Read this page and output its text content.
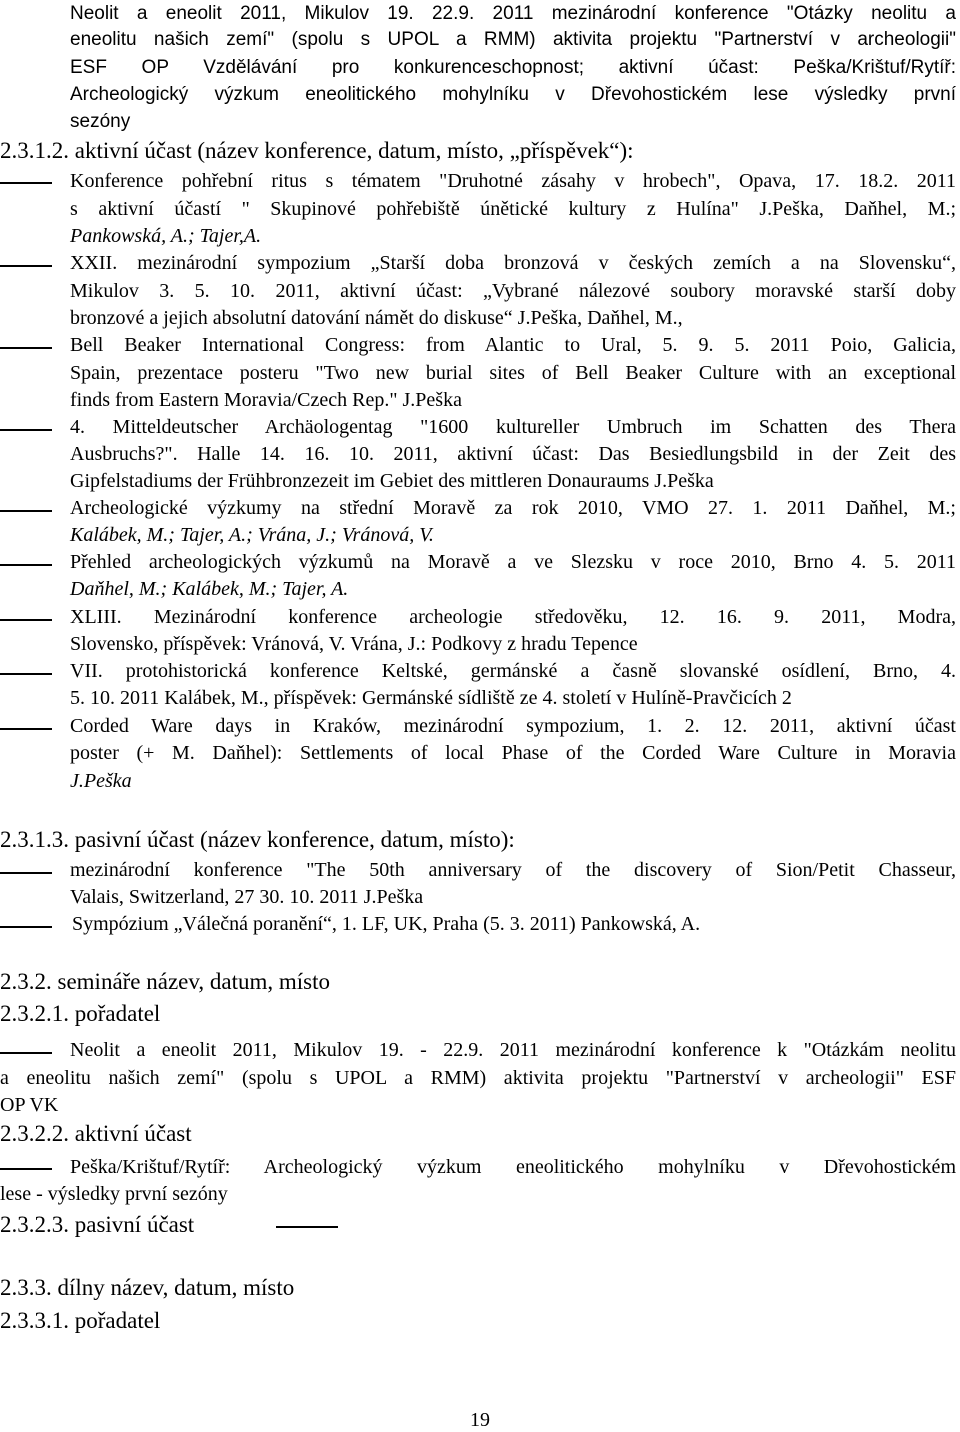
Neolit a eneolit 2011, Mikulov 19. 22.9. 2011 mezinárodní konference "Otázky neolitu a
eneolitu našich zemí" (spolu s UPOL a RMM) aktivita projektu "Partnerství v archeologii"
ESF OP Vzdělávání pro konkurenceschopnost; aktivní účast: Peška/Krištuf/Rytíř:
Archeologický výzkum eneolitického mohylníku v Dřevohostickém lese výsledky první
sezóny
2.3.1.2. aktivní účast (název konference, datum, místo, „příspěvek“):
Konference pohřební ritus s tématem "Druhotné zásahy v hrobech", Opava, 17. 18.2. 2011
s aktivní účastí " Skupinové pohřebiště únětické kultury z Hulína" J.Peška, Daňhel, M.;
Pankowská, A.; Tajer,A.
XXII. mezinárodní sympozium „Starší doba bronzová v českých zemích a na Slovensku“,
Mikulov 3. 5. 10. 2011, aktivní účast: „Vybrané nálezové soubory moravské starší doby
bronzové a jejich absolutní datování námět do diskuse“ J.Peška, Daňhel, M.,
Bell Beaker International Congress: from Alantic to Ural, 5. 9. 5. 2011 Poio, Galicia,
Spain, prezentace posteru "Two new burial sites of Bell Beaker Culture with an exceptional
finds from Eastern Moravia/Czech Rep." J.Peška
4. Mitteldeutscher Archäologentag "1600 kultureller Umbruch im Schatten des Thera
Ausbruchs?". Halle 14. 16. 10. 2011, aktivní účast: Das Besiedlungsbild in der Zeit des
Gipfelstadiums der Frühbronzezeit im Gebiet des mittleren Donauraums J.Peška
Archeologické výzkumy na střední Moravě za rok 2010, VMO 27. 1. 2011 Daňhel, M.;
Kalábek, M.; Tajer, A.; Vrána, J.; Vránová, V.
Přehled archeologických výzkumů na Moravě a ve Slezsku v roce 2010, Brno 4. 5. 2011
Daňhel, M.; Kalábek, M.; Tajer, A.
XLIII. Mezinárodní konference archeologie středověku, 12. 16. 9. 2011, Modra,
Slovensko, příspěvek: Vránová, V. Vrána, J.: Podkovy z hradu Tepence
VII. protohistorická konference Keltské, germánské a časně slovanské osídlení, Brno, 4.
5. 10. 2011 Kalábek, M., příspěvek: Germánské sídliště ze 4. století v Hulíně-Pravčicích 2
Corded Ware days in Kraków, mezinárodní sympozium, 1. 2. 12. 2011, aktivní účast
poster (+ M. Daňhel): Settlements of local Phase of the Corded Ware Culture in Moravia
J.Peška
2.3.1.3. pasivní účast (název konference, datum, místo):
mezinárodní konference "The 50th anniversary of the discovery of Sion/Petit Chasseur,
Valais, Switzerland, 27 30. 10. 2011 J.Peška
Sympózium „Válečná poranění“, 1. LF, UK, Praha (5. 3. 2011) Pankowská, A.
2.3.2. semináře název, datum, místo
2.3.2.1. pořadatel
Neolit a eneolit 2011, Mikulov 19. - 22.9. 2011 mezinárodní konference k "Otázkám neolitu
a eneolitu našich zemí" (spolu s UPOL a RMM) aktivita projektu "Partnerství v archeologii" ESF
OP VK
2.3.2.2. aktivní účast
Peška/Krištuf/Rytíř: Archeologický výzkum eneolitického mohylníku v Dřevohostickém
lese - výsledky první sezóny
2.3.2.3. pasivní účast
2.3.3. dílny název, datum, místo
2.3.3.1. pořadatel
19
